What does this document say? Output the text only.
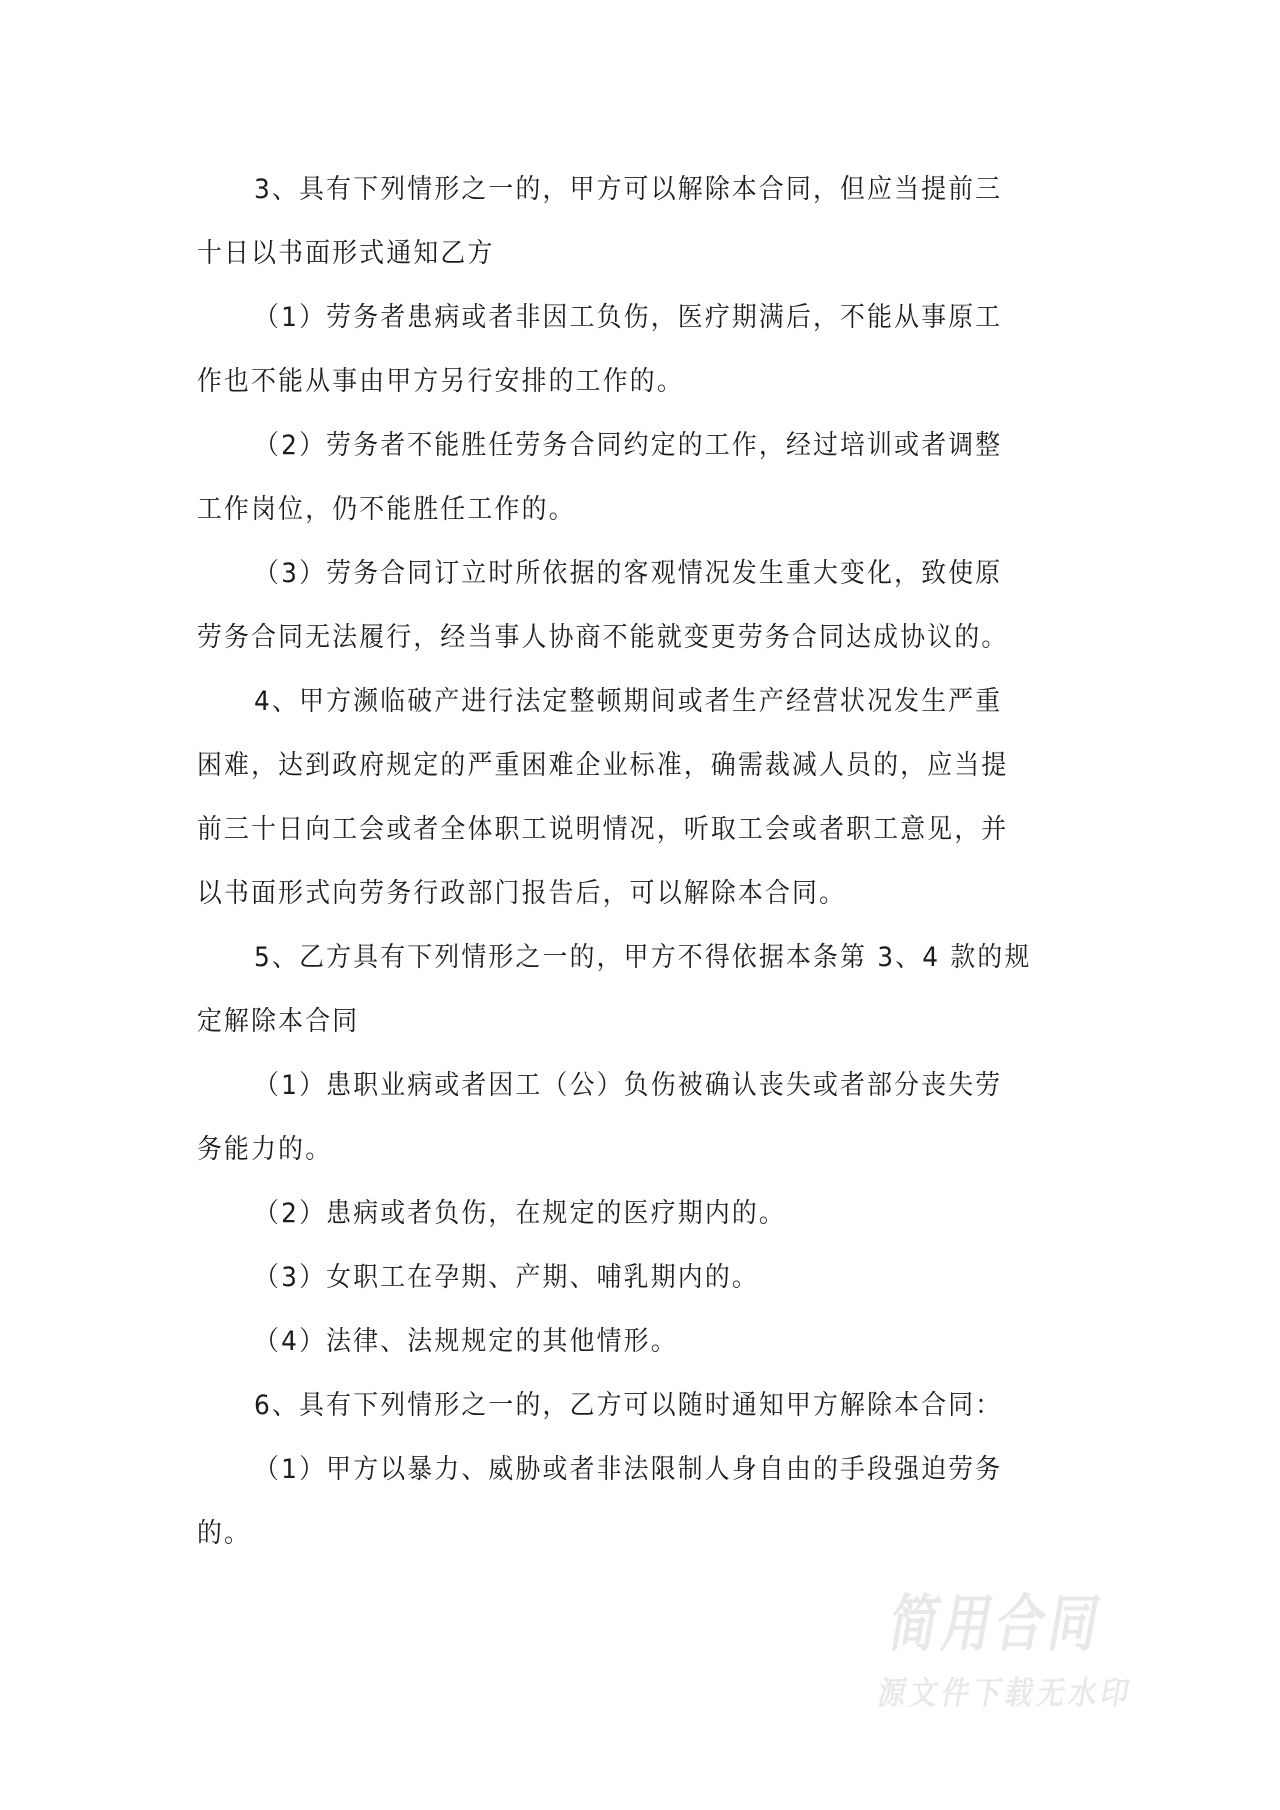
3、具有下列情形之一的，甲方可以解除本合同，但应当提前三
十日以书面形式通知乙方
（1）劳务者患病或者非因工负伤，医疗期满后，不能从事原工
作也不能从事由甲方另行安排的工作的。
（2）劳务者不能胜任劳务合同约定的工作，经过培训或者调整
工作岗位，仍不能胜任工作的。
（3）劳务合同订立时所依据的客观情况发生重大变化，致使原
劳务合同无法履行，经当事人协商不能就变更劳务合同达成协议的。
4、甲方濒临破产进行法定整顿期间或者生产经营状况发生严重
困难，达到政府规定的严重困难企业标准，确需裁减人员的，应当提
前三十日向工会或者全体职工说明情况，听取工会或者职工意见，并
以书面形式向劳务行政部门报告后，可以解除本合同。
5、乙方具有下列情形之一的，甲方不得依据本条第 3、4 款的规
定解除本合同
（1）患职业病或者因工（公）负伤被确认丧失或者部分丧失劳
务能力的。
（2）患病或者负伤，在规定的医疗期内的。
（3）女职工在孕期、产期、哺乳期内的。
（4）法律、法规规定的其他情形。
6、具有下列情形之一的，乙方可以随时通知甲方解除本合同：
（1）甲方以暴力、威胁或者非法限制人身自由的手段强迫劳务
的。
简用合同
源文件下载无水印
